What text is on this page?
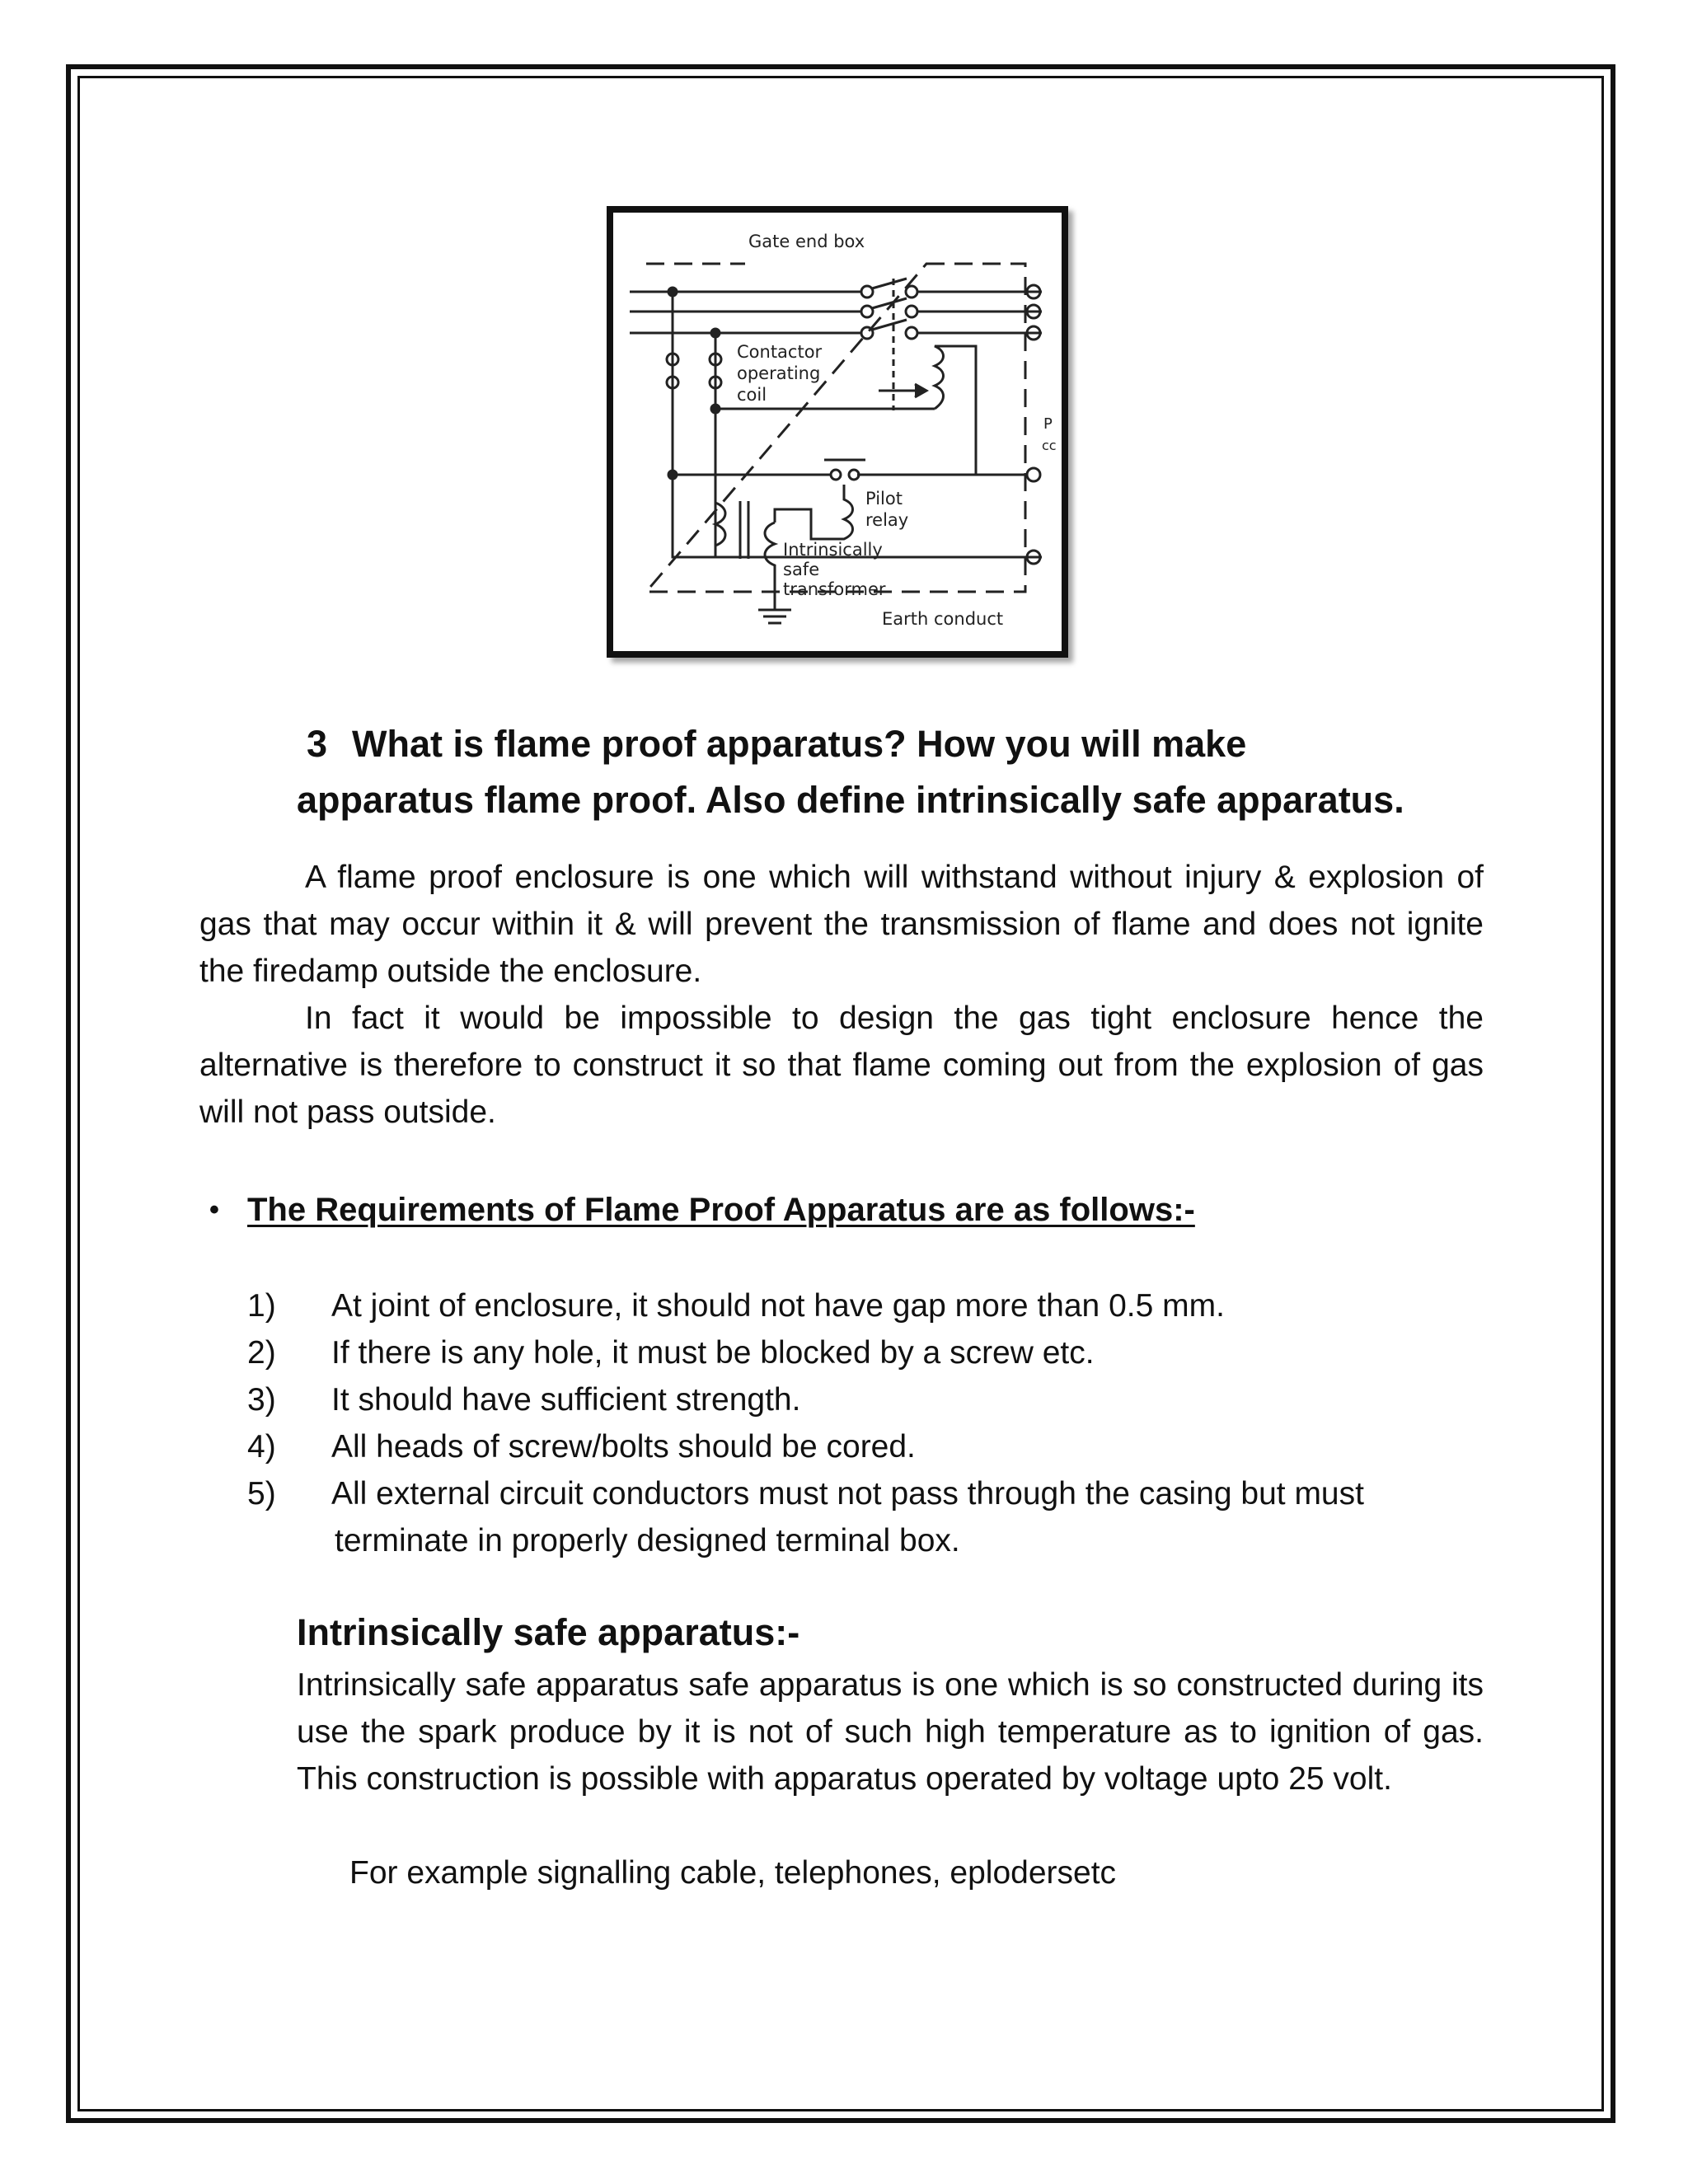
Gate end box
Contactor
operating
coil
Pilot
relay
Intrinsically
safe
transformer
Earth conduct
P
cc
3 What is flame proof apparatus? How you will make
apparatus flame proof. Also define intrinsically safe apparatus.

A flame proof enclosure is one which will withstand without injury & explosion of gas that may occur within it & will prevent the transmission of flame and does not ignite the firedamp outside the enclosure.

In fact it would be impossible to design the gas tight enclosure hence the alternative is therefore to construct it so that flame coming out from the explosion of gas will not pass outside.

• The Requirements of Flame Proof Apparatus are as follows:-
1)	At joint of enclosure, it should not have gap more than 0.5 mm.
2)	If there is any hole, it must be blocked by a screw etc.
3)	It should have sufficient strength.
4)	All heads of screw/bolts should be cored.
5)	All external circuit conductors must not pass through the casing but must
terminate in properly designed terminal box.
Intrinsically safe apparatus:-

Intrinsically safe apparatus safe apparatus is one which is so constructed during its use the spark produce by it is not of such high temperature as to ignition of gas. This construction is possible with apparatus operated by voltage upto 25 volt.

For example signalling cable, telephones, eplodersetc
